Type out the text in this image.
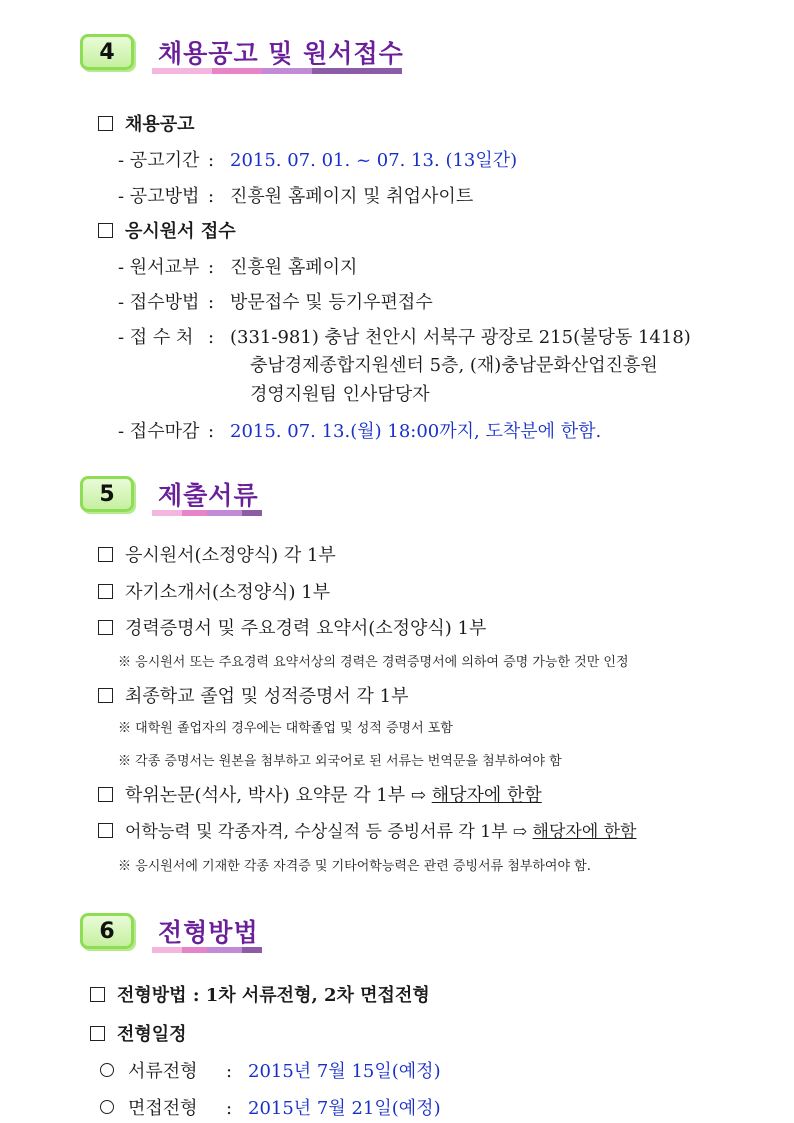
4	채용공고 및 원서접수
채용공고
- 공고기간 : 2015. 07. 01. ~ 07. 13. (13일간)
- 공고방법 : 진흥원 홈페이지 및 취업사이트
응시원서 접수
- 원서교부 : 진흥원 홈페이지
- 접수방법 : 방문접수 및 등기우편접수
- 접 수 처 : (331-981) 충남 천안시 서북구 광장로 215(불당동 1418)
충남경제종합지원센터 5층, (재)충남문화산업진흥원
경영지원팀 인사담당자
- 접수마감 : 2015. 07. 13.(월) 18:00까지, 도착분에 한함.
5	제출서류
응시원서(소정양식) 각 1부
자기소개서(소정양식) 1부
경력증명서 및 주요경력 요약서(소정양식) 1부
※ 응시원서 또는 주요경력 요약서상의 경력은 경력증명서에 의하여 증명 가능한 것만 인정
최종학교 졸업 및 성적증명서 각 1부
※ 대학원 졸업자의 경우에는 대학졸업 및 성적 증명서 포함
※ 각종 증명서는 원본을 첨부하고 외국어로 된 서류는 번역문을 첨부하여야 함
학위논문(석사, 박사) 요약문 각 1부 ⇨ 해당자에 한함
어학능력 및 각종자격, 수상실적 등 증빙서류 각 1부 ⇨ 해당자에 한함
※ 응시원서에 기재한 각종 자격증 및 기타어학능력은 관련 증빙서류 첨부하여야 함.
6	전형방법
전형방법 : 1차 서류전형, 2차 면접전형
전형일정
서류전형 : 2015년 7월 15일(예정)
면접전형 : 2015년 7월 21일(예정)
